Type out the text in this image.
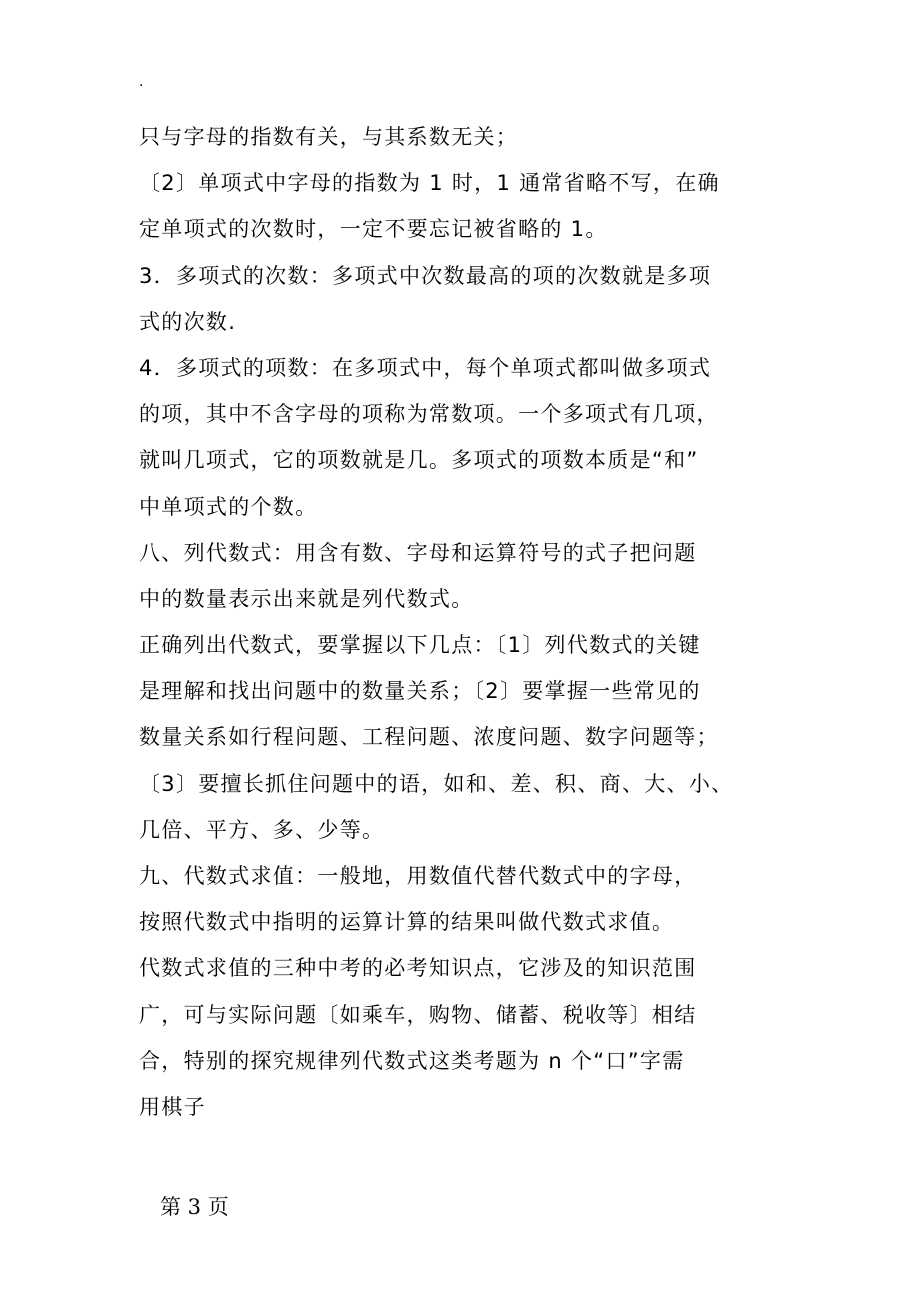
.
只与字母的指数有关，与其系数无关；
〔2〕单项式中字母的指数为 1 时，1 通常省略不写，在确
定单项式的次数时，一定不要忘记被省略的 1。
3．多项式的次数：多项式中次数最高的项的次数就是多项
式的次数.
4．多项式的项数：在多项式中，每个单项式都叫做多项式
的项，其中不含字母的项称为常数项。一个多项式有几项，
就叫几项式，它的项数就是几。多项式的项数本质是“和”
中单项式的个数。
八、列代数式：用含有数、字母和运算符号的式子把问题
中的数量表示出来就是列代数式。
正确列出代数式，要掌握以下几点：〔1〕列代数式的关键
是理解和找出问题中的数量关系；〔2〕要掌握一些常见的
数量关系如行程问题、工程问题、浓度问题、数字问题等；
〔3〕要擅长抓住问题中的语，如和、差、积、商、大、小、
几倍、平方、多、少等。
九、代数式求值：一般地，用数值代替代数式中的字母，
按照代数式中指明的运算计算的结果叫做代数式求值。
代数式求值的三种中考的必考知识点，它涉及的知识范围
广，可与实际问题〔如乘车，购物、储蓄、税收等〕相结
合，特别的探究规律列代数式这类考题为 n 个“口”字需
用棋子
第 3 页
